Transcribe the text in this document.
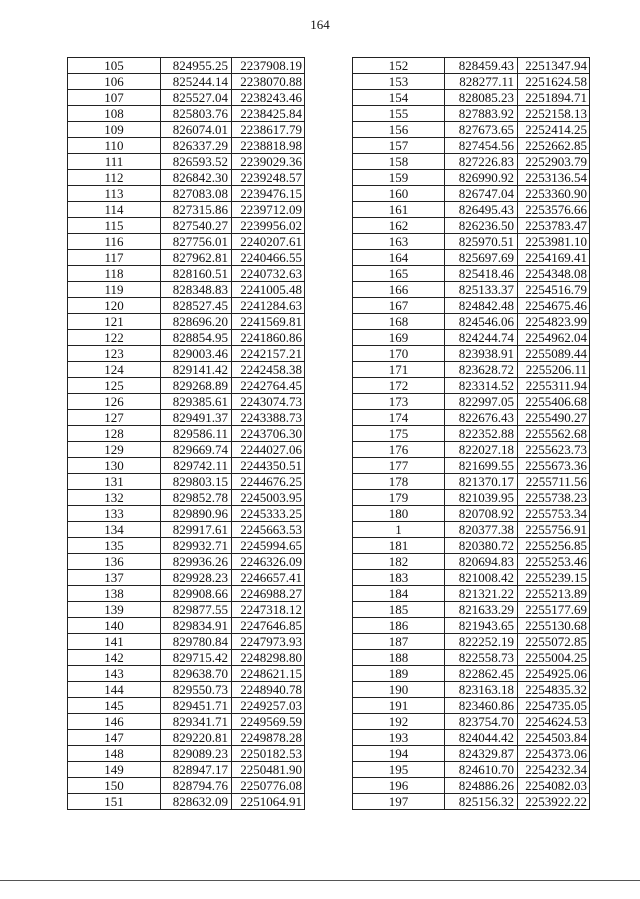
164
105	824955.25	2237908.19
106	825244.14	2238070.88
107	825527.04	2238243.46
108	825803.76	2238425.84
109	826074.01	2238617.79
110	826337.29	2238818.98
111	826593.52	2239029.36
112	826842.30	2239248.57
113	827083.08	2239476.15
114	827315.86	2239712.09
115	827540.27	2239956.02
116	827756.01	2240207.61
117	827962.81	2240466.55
118	828160.51	2240732.63
119	828348.83	2241005.48
120	828527.45	2241284.63
121	828696.20	2241569.81
122	828854.95	2241860.86
123	829003.46	2242157.21
124	829141.42	2242458.38
125	829268.89	2242764.45
126	829385.61	2243074.73
127	829491.37	2243388.73
128	829586.11	2243706.30
129	829669.74	2244027.06
130	829742.11	2244350.51
131	829803.15	2244676.25
132	829852.78	2245003.95
133	829890.96	2245333.25
134	829917.61	2245663.53
135	829932.71	2245994.65
136	829936.26	2246326.09
137	829928.23	2246657.41
138	829908.66	2246988.27
139	829877.55	2247318.12
140	829834.91	2247646.85
141	829780.84	2247973.93
142	829715.42	2248298.80
143	829638.70	2248621.15
144	829550.73	2248940.78
145	829451.71	2249257.03
146	829341.71	2249569.59
147	829220.81	2249878.28
148	829089.23	2250182.53
149	828947.17	2250481.90
150	828794.76	2250776.08
151	828632.09	2251064.91
152	828459.43	2251347.94
153	828277.11	2251624.58
154	828085.23	2251894.71
155	827883.92	2252158.13
156	827673.65	2252414.25
157	827454.56	2252662.85
158	827226.83	2252903.79
159	826990.92	2253136.54
160	826747.04	2253360.90
161	826495.43	2253576.66
162	826236.50	2253783.47
163	825970.51	2253981.10
164	825697.69	2254169.41
165	825418.46	2254348.08
166	825133.37	2254516.79
167	824842.48	2254675.46
168	824546.06	2254823.99
169	824244.74	2254962.04
170	823938.91	2255089.44
171	823628.72	2255206.11
172	823314.52	2255311.94
173	822997.05	2255406.68
174	822676.43	2255490.27
175	822352.88	2255562.68
176	822027.18	2255623.73
177	821699.55	2255673.36
178	821370.17	2255711.56
179	821039.95	2255738.23
180	820708.92	2255753.34
1	820377.38	2255756.91
181	820380.72	2255256.85
182	820694.83	2255253.46
183	821008.42	2255239.15
184	821321.22	2255213.89
185	821633.29	2255177.69
186	821943.65	2255130.68
187	822252.19	2255072.85
188	822558.73	2255004.25
189	822862.45	2254925.06
190	823163.18	2254835.32
191	823460.86	2254735.05
192	823754.70	2254624.53
193	824044.42	2254503.84
194	824329.87	2254373.06
195	824610.70	2254232.34
196	824886.26	2254082.03
197	825156.32	2253922.22
